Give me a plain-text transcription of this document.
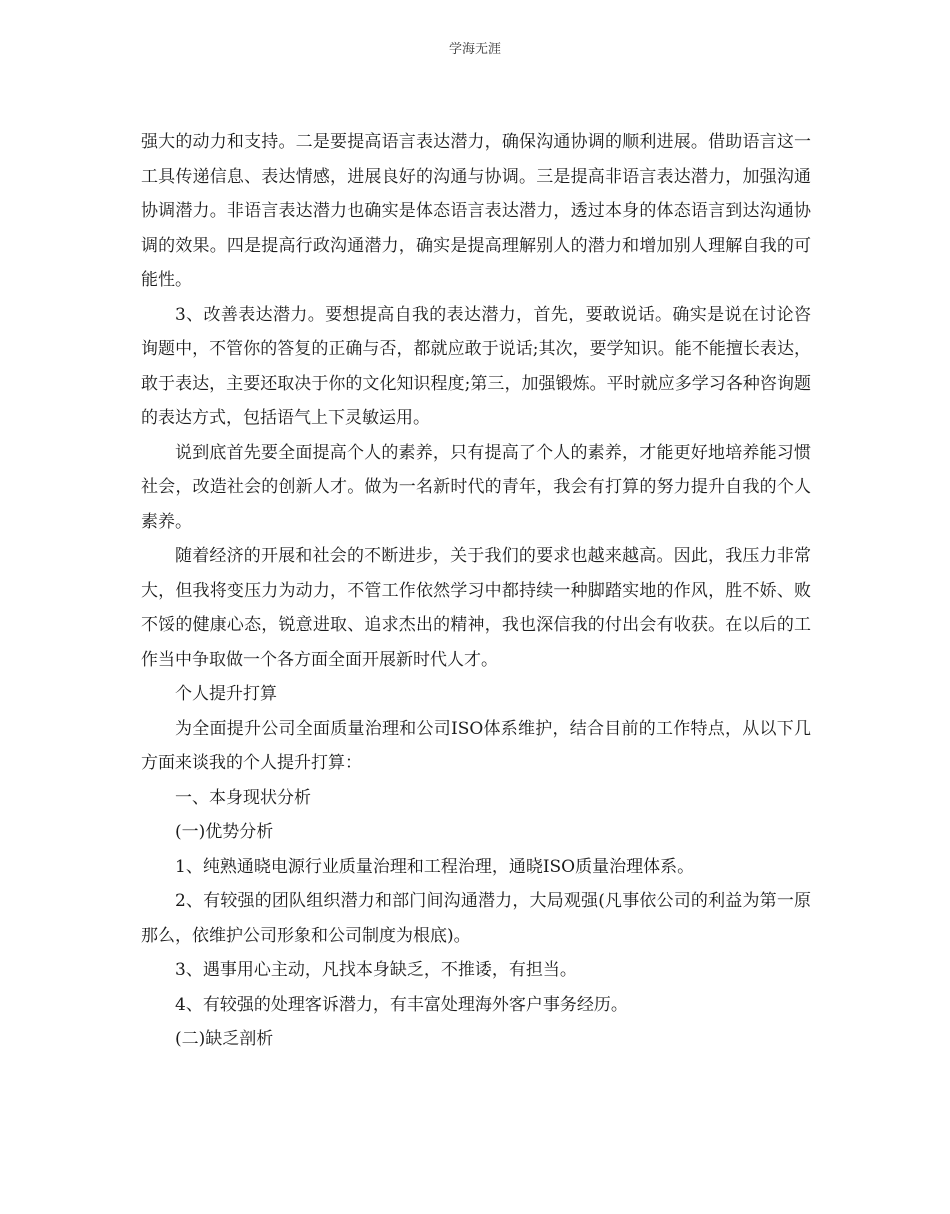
学海无涯

强大的动力和支持。二是要提高语言表达潜力，确保沟通协调的顺利进展。借助语言这一工具传递信息、表达情感，进展良好的沟通与协调。三是提高非语言表达潜力，加强沟通协调潜力。非语言表达潜力也确实是体态语言表达潜力，透过本身的体态语言到达沟通协调的效果。四是提高行政沟通潜力，确实是提高理解别人的潜力和增加别人理解自我的可能性。

3、改善表达潜力。要想提高自我的表达潜力，首先，要敢说话。确实是说在讨论咨询题中，不管你的答复的正确与否，都就应敢于说话;其次，要学知识。能不能擅长表达，敢于表达，主要还取决于你的文化知识程度;第三，加强锻炼。平时就应多学习各种咨询题的表达方式，包括语气上下灵敏运用。

说到底首先要全面提高个人的素养，只有提高了个人的素养，才能更好地培养能习惯社会，改造社会的创新人才。做为一名新时代的青年，我会有打算的努力提升自我的个人素养。

随着经济的开展和社会的不断进步，关于我们的要求也越来越高。因此，我压力非常大，但我将变压力为动力，不管工作依然学习中都持续一种脚踏实地的作风，胜不娇、败不馁的健康心态，锐意进取、追求杰出的精神，我也深信我的付出会有收获。在以后的工作当中争取做一个各方面全面开展新时代人才。

个人提升打算

为全面提升公司全面质量治理和公司ISO体系维护，结合目前的工作特点，从以下几方面来谈我的个人提升打算：

一、本身现状分析

(一)优势分析

1、纯熟通晓电源行业质量治理和工程治理，通晓ISO质量治理体系。

2、有较强的团队组织潜力和部门间沟通潜力，大局观强(凡事依公司的利益为第一原那么，依维护公司形象和公司制度为根底)。

3、遇事用心主动，凡找本身缺乏，不推诿，有担当。

4、有较强的处理客诉潜力，有丰富处理海外客户事务经历。

(二)缺乏剖析
